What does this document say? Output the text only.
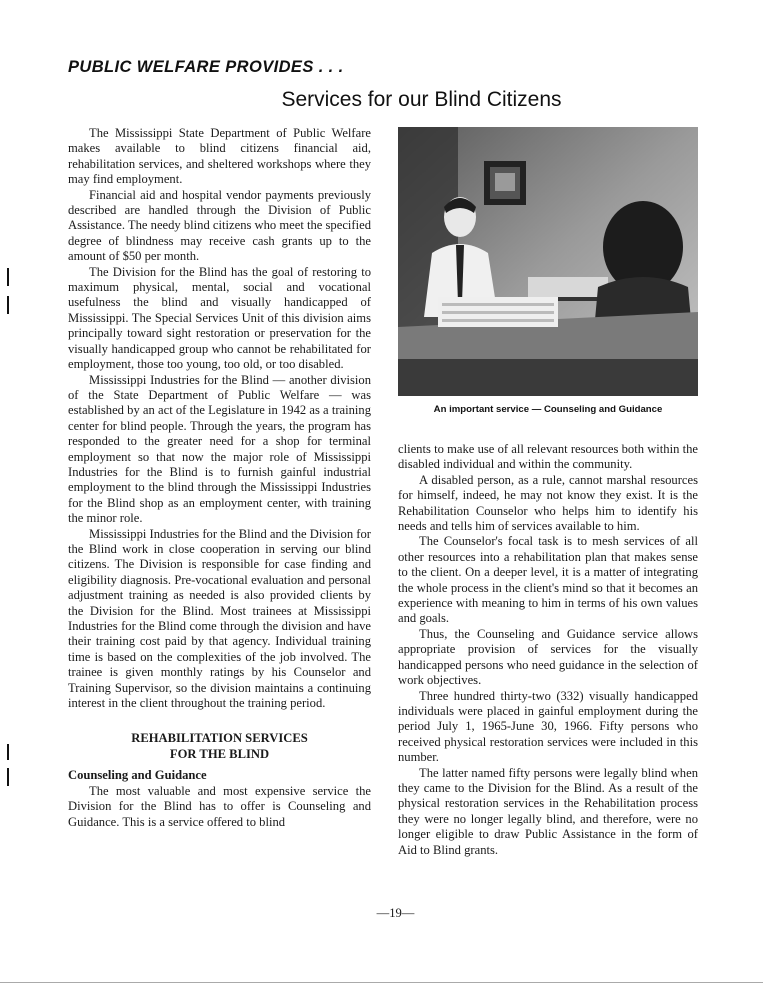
PUBLIC WELFARE PROVIDES . . .
Services for our Blind Citizens

The Mississippi State Department of Public Welfare makes available to blind citizens financial aid, rehabilitation services, and sheltered workshops where they may find employment.

Financial aid and hospital vendor payments previously described are handled through the Division of Public Assistance. The needy blind citizens who meet the specified degree of blindness may receive cash grants up to the amount of $50 per month.

The Division for the Blind has the goal of restoring to maximum physical, mental, social and vocational usefulness the blind and visually handicapped of Mississippi. The Special Services Unit of this division aims principally toward sight restoration or preservation for the visually handicapped group who cannot be rehabilitated for employment, those too young, too old, or too disabled.

Mississippi Industries for the Blind — another division of the State Department of Public Welfare — was established by an act of the Legislature in 1942 as a training center for blind people. Through the years, the program has responded to the greater need for a shop for terminal employment so that now the major role of Mississippi Industries for the Blind is to furnish gainful industrial employment to the blind through the Mississippi Industries for the Blind shop as an employment center, with training the minor role.

Mississippi Industries for the Blind and the Division for the Blind work in close cooperation in serving our blind citizens. The Division is responsible for case finding and eligibility diagnosis. Pre-vocational evaluation and personal adjustment training as needed is also provided clients by the Division for the Blind. Most trainees at Mississippi Industries for the Blind come through the division and have their training cost paid by that agency. Individual training time is based on the complexities of the job involved. The trainee is given monthly ratings by his Counselor and Training Supervisor, so the division maintains a continuing interest in the client throughout the training period.

REHABILITATION SERVICES
FOR THE BLIND

Counseling and Guidance

The most valuable and most expensive service the Division for the Blind has to offer is Counseling and Guidance. This is a service offered to blind

An important service — Counseling and Guidance

clients to make use of all relevant resources both within the disabled individual and within the community.

A disabled person, as a rule, cannot marshal resources for himself, indeed, he may not know they exist. It is the Rehabilitation Counselor who helps him to identify his needs and tells him of services available to him.

The Counselor's focal task is to mesh services of all other resources into a rehabilitation plan that makes sense to the client. On a deeper level, it is a matter of integrating the whole process in the client's mind so that it becomes an experience with meaning to him in terms of his own values and goals.

Thus, the Counseling and Guidance service allows appropriate provision of services for the visually handicapped persons who need guidance in the selection of work objectives.

Three hundred thirty-two (332) visually handicapped individuals were placed in gainful employment during the period July 1, 1965-June 30, 1966. Fifty persons who received physical restoration services were included in this number.

The latter named fifty persons were legally blind when they came to the Division for the Blind. As a result of the physical restoration services in the Rehabilitation process they were no longer legally blind, and therefore, were no longer eligible to draw Public Assistance in the form of Aid to Blind grants.

—19—
